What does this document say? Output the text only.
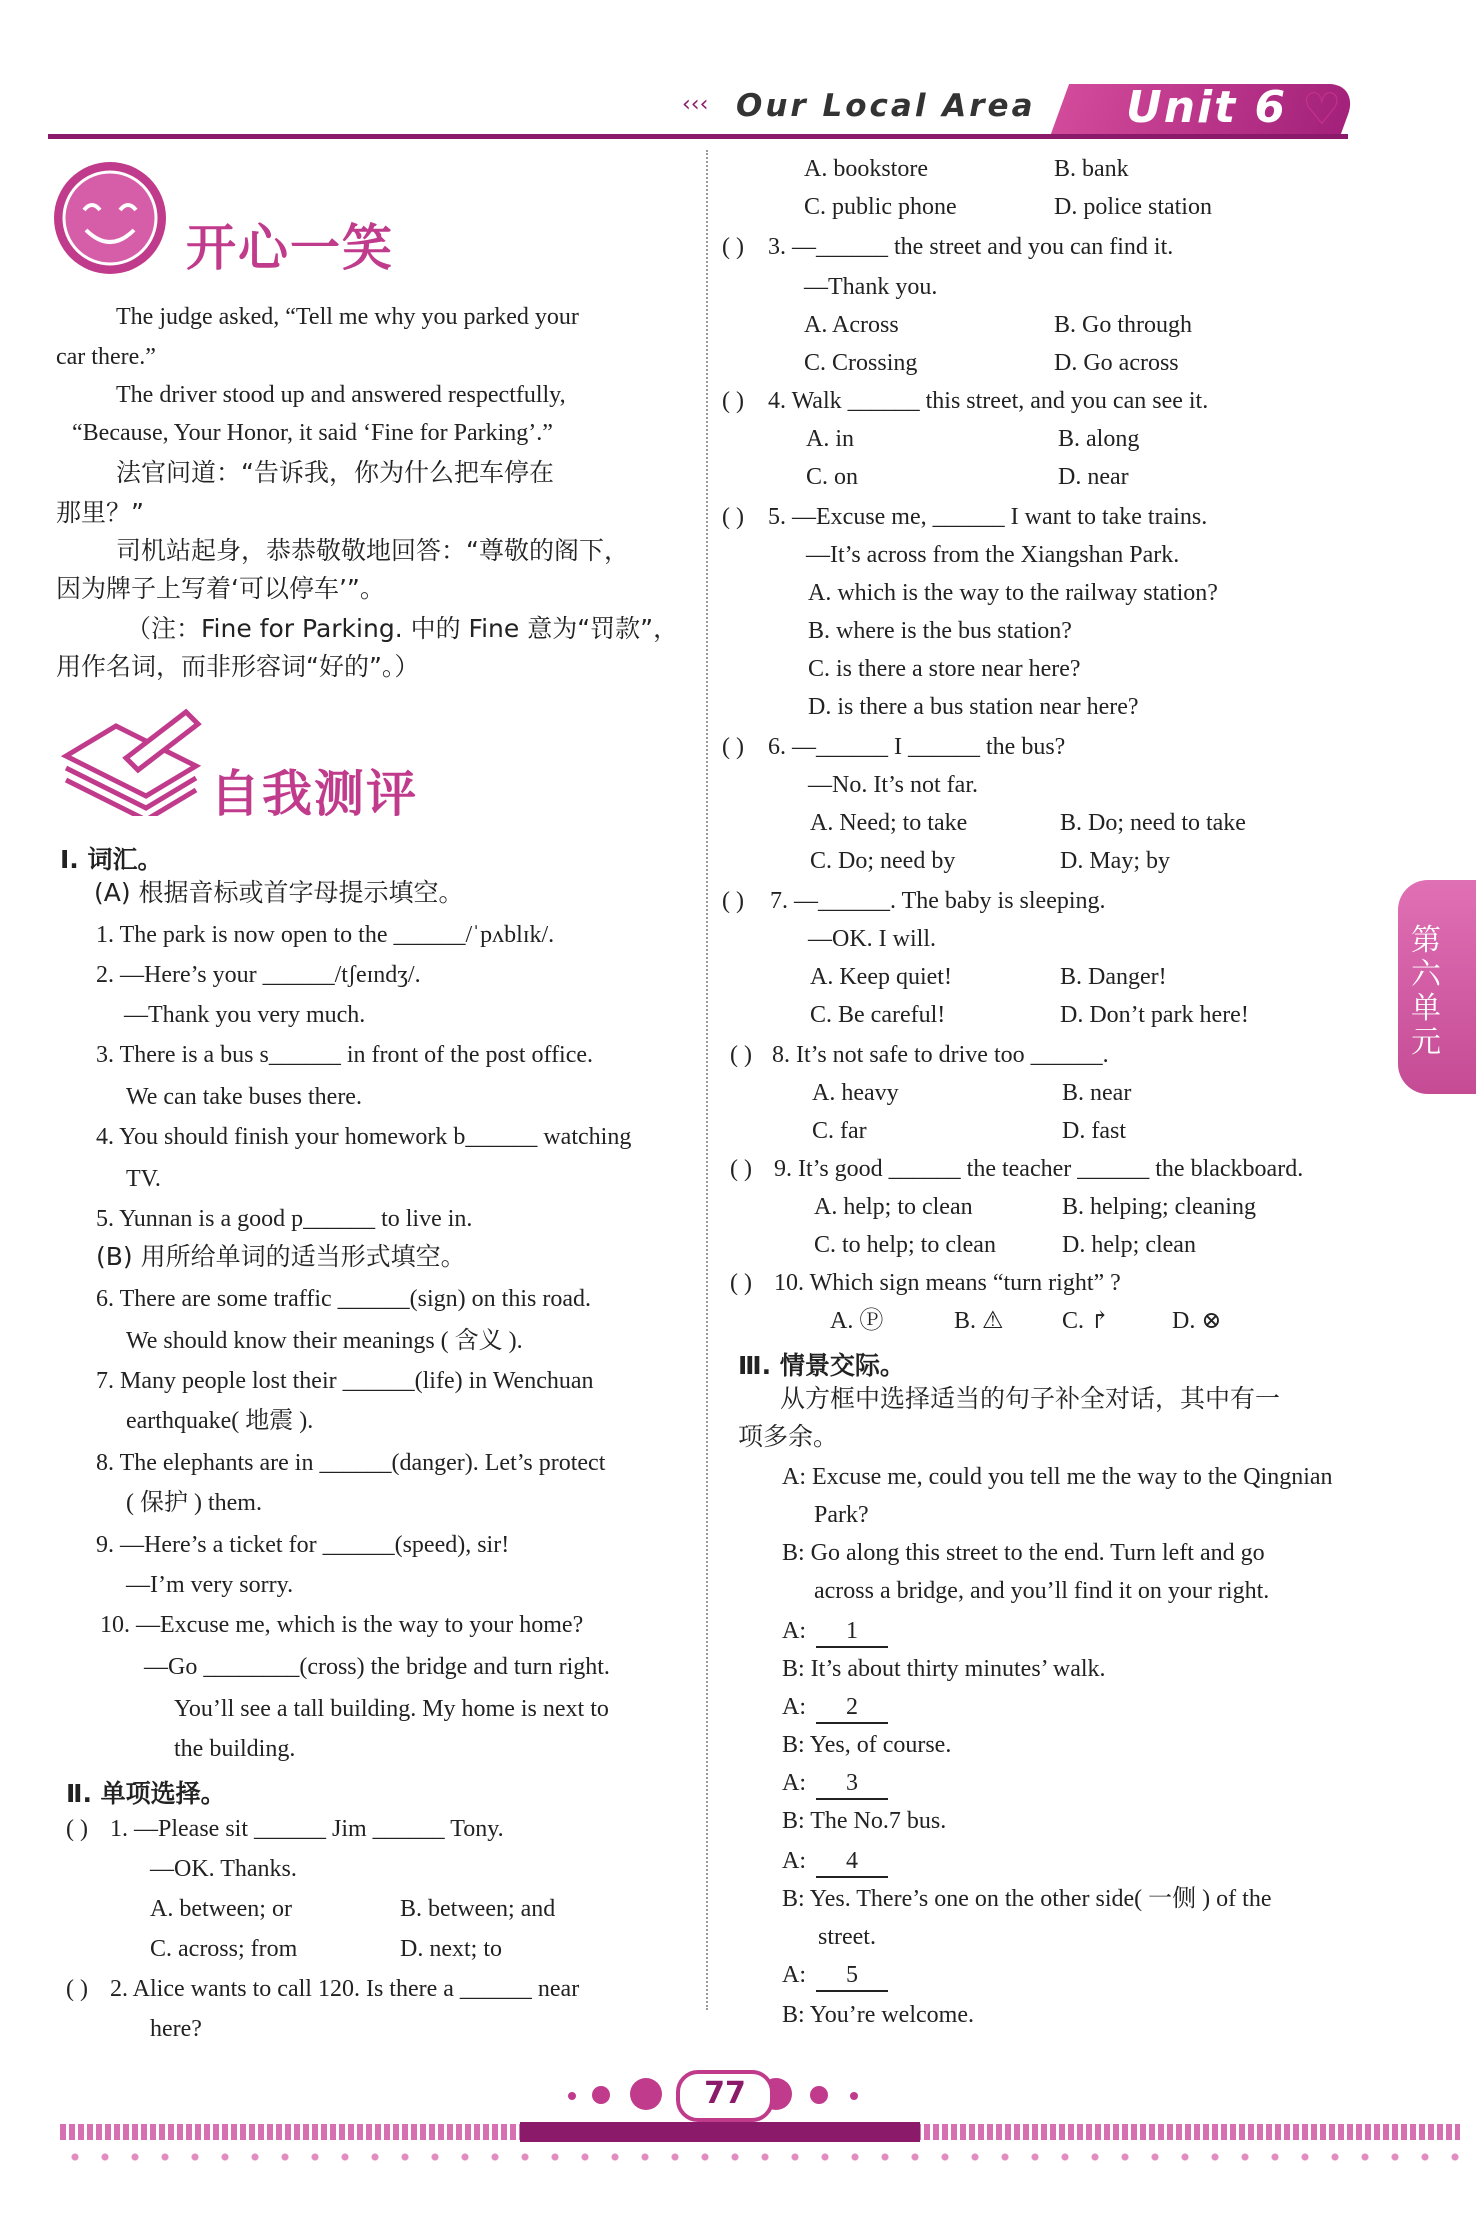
‹‹‹ Our Local Area Unit 6 ♡
开心一笑
The judge asked, “Tell me why you parked your
car there.”
The driver stood up and answered respectfully,
“Because, Your Honor, it said ‘Fine for Parking’.”
法官问道：“告诉我，你为什么把车停在
那里？”
司机站起身，恭恭敬敬地回答：“尊敬的阁下，
因为牌子上写着‘可以停车’”。
（注：Fine for Parking. 中的 Fine 意为“罚款”，
用作名词，而非形容词“好的”。）
自我测评
Ⅰ. 词汇。
(A) 根据音标或首字母提示填空。
1. The park is now open to the ______/ˈpʌblɪk/.
2. —Here’s your ______/tʃeɪndʒ/.
—Thank you very much.
3. There is a bus s______ in front of the post office.
We can take buses there.
4. You should finish your homework b______ watching
TV.
5. Yunnan is a good p______ to live in.
(B) 用所给单词的适当形式填空。
6. There are some traffic ______(sign) on this road.
We should know their meanings ( 含义 ).
7. Many people lost their ______(life) in Wenchuan
earthquake( 地震 ).
8. The elephants are in ______(danger). Let’s protect
( 保护 ) them.
9. —Here’s a ticket for ______(speed), sir!
—I’m very sorry.
10. —Excuse me, which is the way to your home?
—Go ________(cross) the bridge and turn right.
You’ll see a tall building. My home is next to
the building.
Ⅱ. 单项选择。
( ) 1. —Please sit ______ Jim ______ Tony.
—OK. Thanks.
A. between; or	B. between; and
C. across; from	D. next; to
( ) 2. Alice wants to call 120. Is there a ______ near
here?
A. bookstore	B. bank
C. public phone	D. police station
( ) 3. —______ the street and you can find it.
—Thank you.
A. Across	B. Go through
C. Crossing	D. Go across
( ) 4. Walk ______ this street, and you can see it.
A. in	B. along
C. on	D. near
( ) 5. —Excuse me, ______ I want to take trains.
—It’s across from the Xiangshan Park.
A. which is the way to the railway station?
B. where is the bus station?
C. is there a store near here?
D. is there a bus station near here?
( ) 6. —______ I ______ the bus?
—No. It’s not far.
A. Need; to take	B. Do; need to take
C. Do; need by	D. May; by
( ) 7. —______. The baby is sleeping.
—OK. I will.
A. Keep quiet!	B. Danger!
C. Be careful!	D. Don’t park here!
( ) 8. It’s not safe to drive too ______.
A. heavy	B. near
C. far	D. fast
( ) 9. It’s good ______ the teacher ______ the blackboard.
A. help; to clean	B. helping; cleaning
C. to help; to clean	D. help; clean
( ) 10. Which sign means “turn right” ?
A. Ⓟ	B. ⚠ C. ↱	D. ⊗
Ⅲ. 情景交际。
从方框中选择适当的句子补全对话，其中有一
项多余。
A: Excuse me, could you tell me the way to the Qingnian
Park?
B: Go along this street to the end. Turn left and go
across a bridge, and you’ll find it on your right.
A:	1
B: It’s about thirty minutes’ walk.
A:	2
B: Yes, of course.
A:	3
B: The No.7 bus.
A:	4
B: Yes. There’s one on the other side( 一侧 ) of the
street.
A:	5
B: You’re welcome.
第六单元
77
